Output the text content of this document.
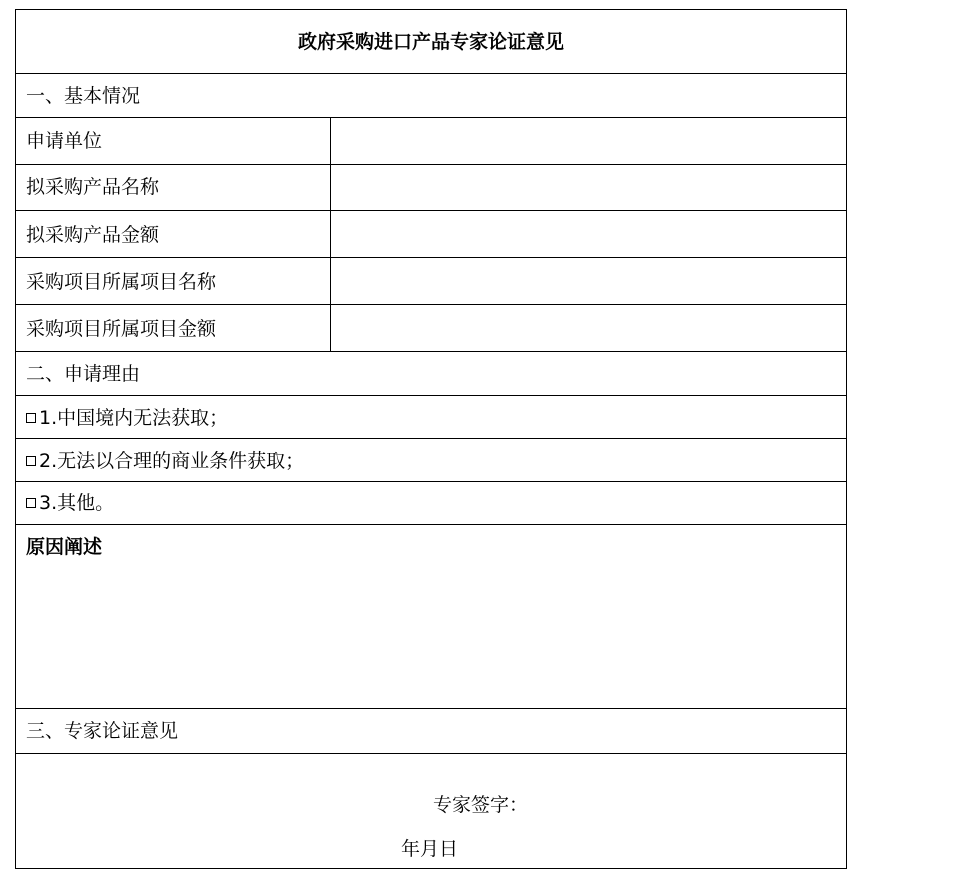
政府采购进口产品专家论证意见
一、基本情况
申请单位
拟采购产品名称
拟采购产品金额
采购项目所属项目名称
采购项目所属项目金额
二、申请理由
1.中国境内无法获取；
2.无法以合理的商业条件获取；
3.其他。
原因阐述
三、专家论证意见
专家签字：
年月日
